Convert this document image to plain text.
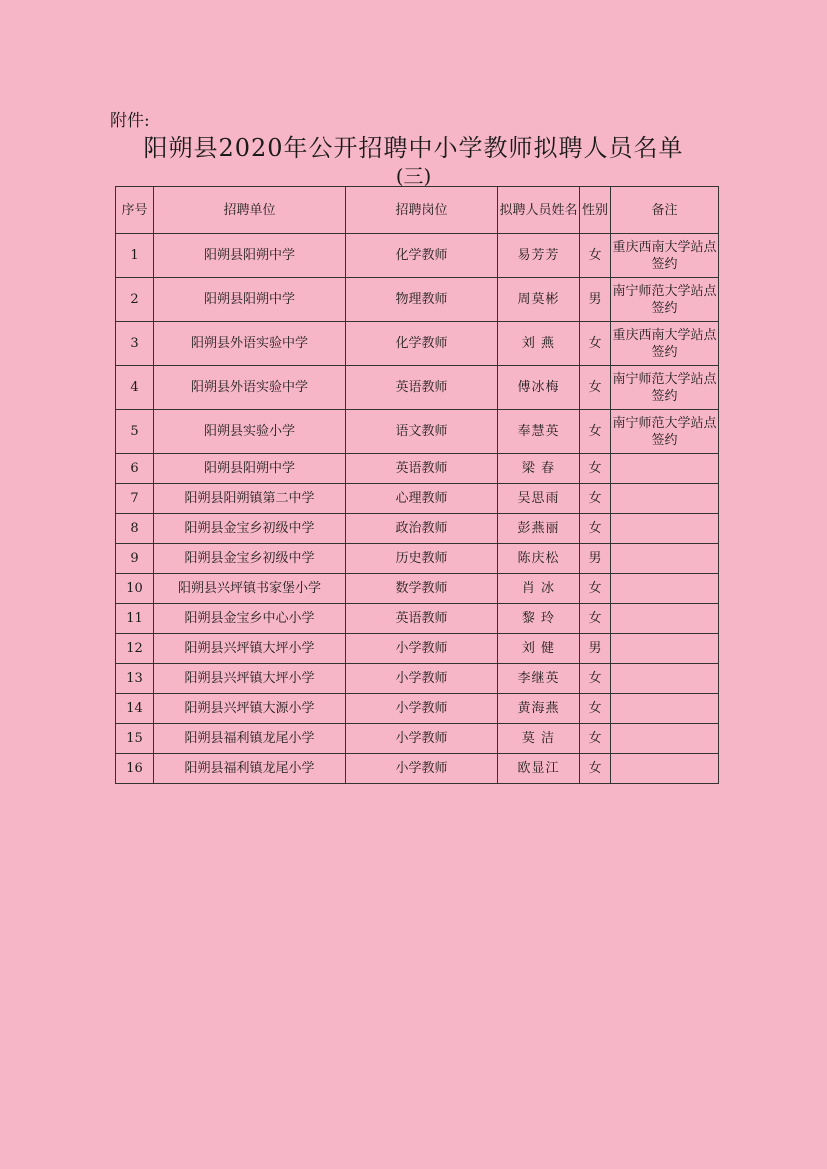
附件:
阳朔县2020年公开招聘中小学教师拟聘人员名单
(三)
序号	招聘单位	招聘岗位	拟聘人员姓名	性别	备注
1	阳朔县阳朔中学	化学教师	易芳芳	女	重庆西南大学站点签约
2	阳朔县阳朔中学	物理教师	周莫彬	男	南宁师范大学站点签约
3	阳朔县外语实验中学	化学教师	刘 燕	女	重庆西南大学站点签约
4	阳朔县外语实验中学	英语教师	傅冰梅	女	南宁师范大学站点签约
5	阳朔县实验小学	语文教师	奉慧英	女	南宁师范大学站点签约
6	阳朔县阳朔中学	英语教师	梁 春	女	
7	阳朔县阳朔镇第二中学	心理教师	吴思雨	女	
8	阳朔县金宝乡初级中学	政治教师	彭燕丽	女	
9	阳朔县金宝乡初级中学	历史教师	陈庆松	男	
10	阳朔县兴坪镇书家堡小学	数学教师	肖 冰	女	
11	阳朔县金宝乡中心小学	英语教师	黎 玲	女	
12	阳朔县兴坪镇大坪小学	小学教师	刘 健	男	
13	阳朔县兴坪镇大坪小学	小学教师	李继英	女	
14	阳朔县兴坪镇大源小学	小学教师	黄海燕	女	
15	阳朔县福利镇龙尾小学	小学教师	莫 洁	女	
16	阳朔县福利镇龙尾小学	小学教师	欧显江	女	
